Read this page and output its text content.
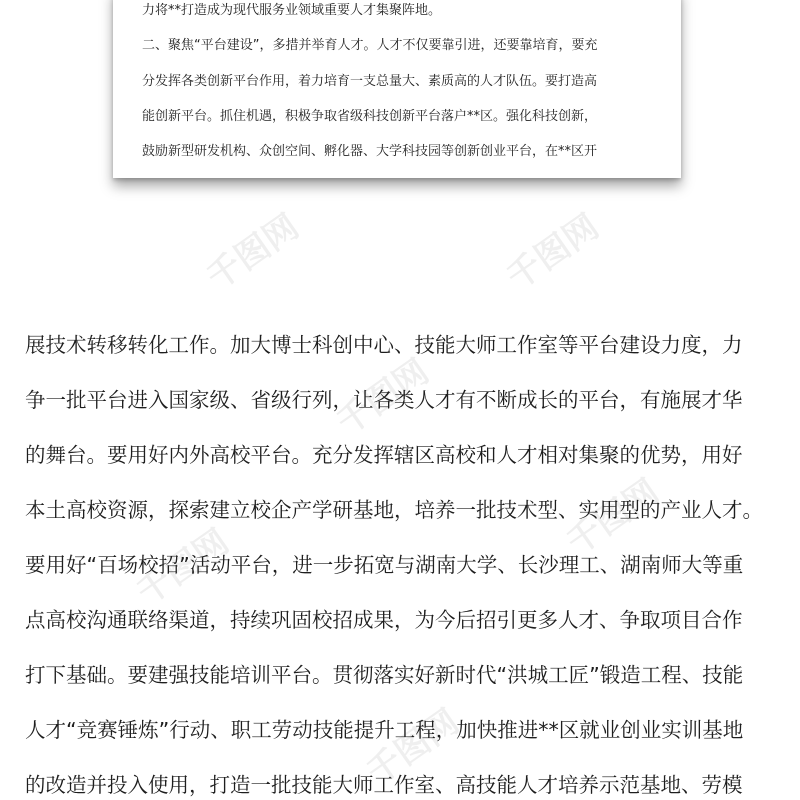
力将**打造成为现代服务业领域重要人才集聚阵地。

二、聚焦“平台建设”，多措并举育人才。人才不仅要靠引进，还要靠培育，要充

分发挥各类创新平台作用，着力培育一支总量大、素质高的人才队伍。要打造高

能创新平台。抓住机遇，积极争取省级科技创新平台落户**区。强化科技创新，

鼓励新型研发机构、众创空间、孵化器、大学科技园等创新创业平台，在**区开

千图网	千图网
千图网
千图网
千图网
千图网

展技术转移转化工作。加大博士科创中心、技能大师工作室等平台建设力度，力

争一批平台进入国家级、省级行列，让各类人才有不断成长的平台，有施展才华

的舞台。要用好内外高校平台。充分发挥辖区高校和人才相对集聚的优势，用好

本土高校资源，探索建立校企产学研基地，培养一批技术型、实用型的产业人才。

要用好“百场校招”活动平台，进一步拓宽与湖南大学、长沙理工、湖南师大等重

点高校沟通联络渠道，持续巩固校招成果，为今后招引更多人才、争取项目合作

打下基础。要建强技能培训平台。贯彻落实好新时代“洪城工匠”锻造工程、技能

人才“竞赛锤炼”行动、职工劳动技能提升工程，加快推进**区就业创业实训基地

的改造并投入使用，打造一批技能大师工作室、高技能人才培养示范基地、劳模
